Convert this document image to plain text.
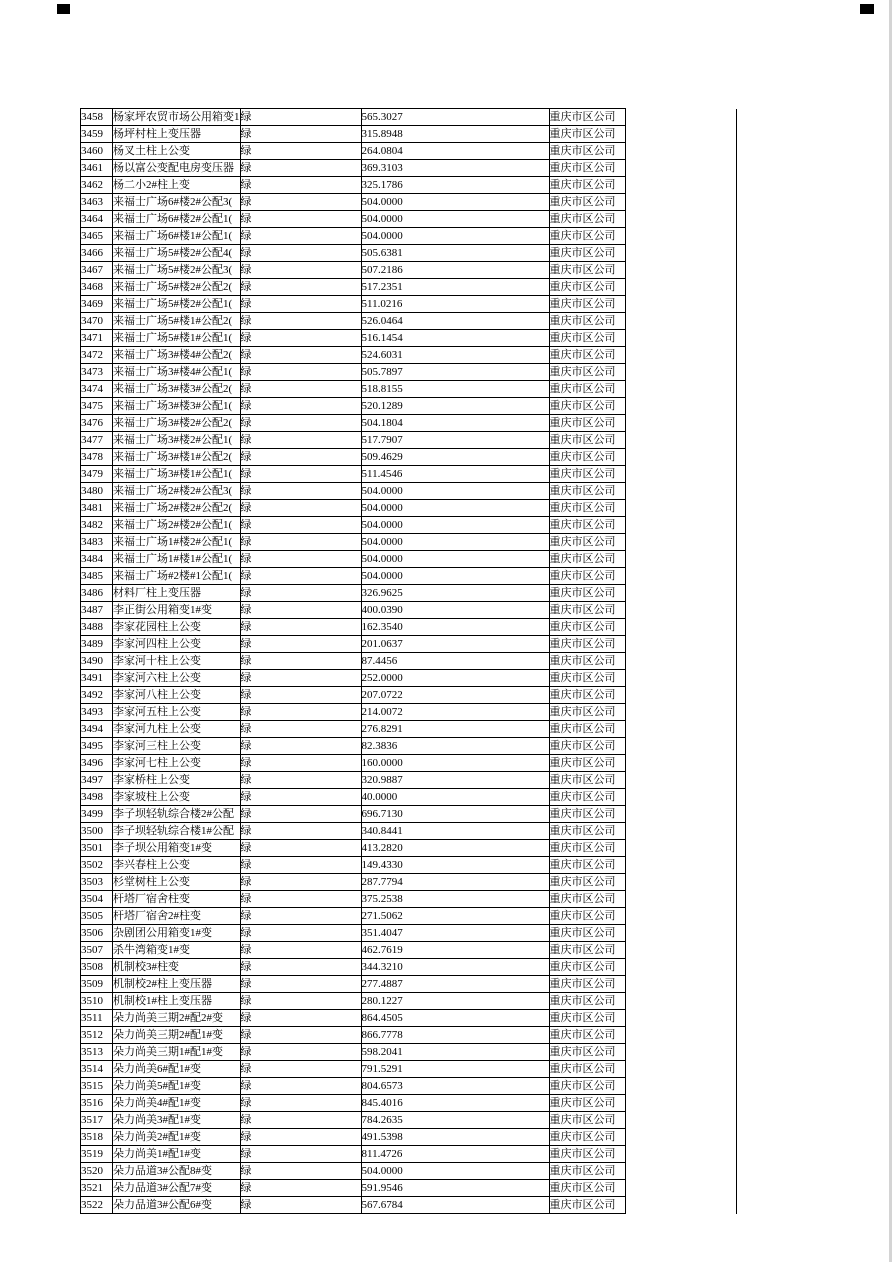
3458	杨家坪农贸市场公用箱变1	绿	565.3027	重庆市区公司	
3459	杨坪村柱上变压器	绿	315.8948	重庆市区公司	
3460	杨叉土柱上公变	绿	264.0804	重庆市区公司	
3461	杨以富公变配电房变压器	绿	369.3103	重庆市区公司	
3462	杨二小2#柱上变	绿	325.1786	重庆市区公司	
3463	来福士广场6#楼2#公配3(	绿	504.0000	重庆市区公司	
3464	来福士广场6#楼2#公配1(	绿	504.0000	重庆市区公司	
3465	来福士广场6#楼1#公配1(	绿	504.0000	重庆市区公司	
3466	来福士广场5#楼2#公配4(	绿	505.6381	重庆市区公司	
3467	来福士广场5#楼2#公配3(	绿	507.2186	重庆市区公司	
3468	来福士广场5#楼2#公配2(	绿	517.2351	重庆市区公司	
3469	来福士广场5#楼2#公配1(	绿	511.0216	重庆市区公司	
3470	来福士广场5#楼1#公配2(	绿	526.0464	重庆市区公司	
3471	来福士广场5#楼1#公配1(	绿	516.1454	重庆市区公司	
3472	来福士广场3#楼4#公配2(	绿	524.6031	重庆市区公司	
3473	来福士广场3#楼4#公配1(	绿	505.7897	重庆市区公司	
3474	来福士广场3#楼3#公配2(	绿	518.8155	重庆市区公司	
3475	来福士广场3#楼3#公配1(	绿	520.1289	重庆市区公司	
3476	来福士广场3#楼2#公配2(	绿	504.1804	重庆市区公司	
3477	来福士广场3#楼2#公配1(	绿	517.7907	重庆市区公司	
3478	来福士广场3#楼1#公配2(	绿	509.4629	重庆市区公司	
3479	来福士广场3#楼1#公配1(	绿	511.4546	重庆市区公司	
3480	来福士广场2#楼2#公配3(	绿	504.0000	重庆市区公司	
3481	来福士广场2#楼2#公配2(	绿	504.0000	重庆市区公司	
3482	来福士广场2#楼2#公配1(	绿	504.0000	重庆市区公司	
3483	来福士广场1#楼2#公配1(	绿	504.0000	重庆市区公司	
3484	来福士广场1#楼1#公配1(	绿	504.0000	重庆市区公司	
3485	来福士广场#2楼#1公配1(	绿	504.0000	重庆市区公司	
3486	材料厂柱上变压器	绿	326.9625	重庆市区公司	
3487	李正街公用箱变1#变	绿	400.0390	重庆市区公司	
3488	李家花园柱上公变	绿	162.3540	重庆市区公司	
3489	李家河四柱上公变	绿	201.0637	重庆市区公司	
3490	李家河十柱上公变	绿	87.4456	重庆市区公司	
3491	李家河六柱上公变	绿	252.0000	重庆市区公司	
3492	李家河八柱上公变	绿	207.0722	重庆市区公司	
3493	李家河五柱上公变	绿	214.0072	重庆市区公司	
3494	李家河九柱上公变	绿	276.8291	重庆市区公司	
3495	李家河三柱上公变	绿	82.3836	重庆市区公司	
3496	李家河七柱上公变	绿	160.0000	重庆市区公司	
3497	李家桥柱上公变	绿	320.9887	重庆市区公司	
3498	李家坡柱上公变	绿	40.0000	重庆市区公司	
3499	李子坝轻轨综合楼2#公配	绿	696.7130	重庆市区公司	
3500	李子坝轻轨综合楼1#公配	绿	340.8441	重庆市区公司	
3501	李子坝公用箱变1#变	绿	413.2820	重庆市区公司	
3502	李兴春柱上公变	绿	149.4330	重庆市区公司	
3503	杉堂树柱上公变	绿	287.7794	重庆市区公司	
3504	杆塔厂宿舍柱变	绿	375.2538	重庆市区公司	
3505	杆塔厂宿舍2#柱变	绿	271.5062	重庆市区公司	
3506	杂剧团公用箱变1#变	绿	351.4047	重庆市区公司	
3507	杀牛湾箱变1#变	绿	462.7619	重庆市区公司	
3508	机制校3#柱变	绿	344.3210	重庆市区公司	
3509	机制校2#柱上变压器	绿	277.4887	重庆市区公司	
3510	机制校1#柱上变压器	绿	280.1227	重庆市区公司	
3511	朵力尚美三期2#配2#变	绿	864.4505	重庆市区公司	
3512	朵力尚美三期2#配1#变	绿	866.7778	重庆市区公司	
3513	朵力尚美三期1#配1#变	绿	598.2041	重庆市区公司	
3514	朵力尚美6#配1#变	绿	791.5291	重庆市区公司	
3515	朵力尚美5#配1#变	绿	804.6573	重庆市区公司	
3516	朵力尚美4#配1#变	绿	845.4016	重庆市区公司	
3517	朵力尚美3#配1#变	绿	784.2635	重庆市区公司	
3518	朵力尚美2#配1#变	绿	491.5398	重庆市区公司	
3519	朵力尚美1#配1#变	绿	811.4726	重庆市区公司	
3520	朵力品道3#公配8#变	绿	504.0000	重庆市区公司	
3521	朵力品道3#公配7#变	绿	591.9546	重庆市区公司	
3522	朵力品道3#公配6#变	绿	567.6784	重庆市区公司	
